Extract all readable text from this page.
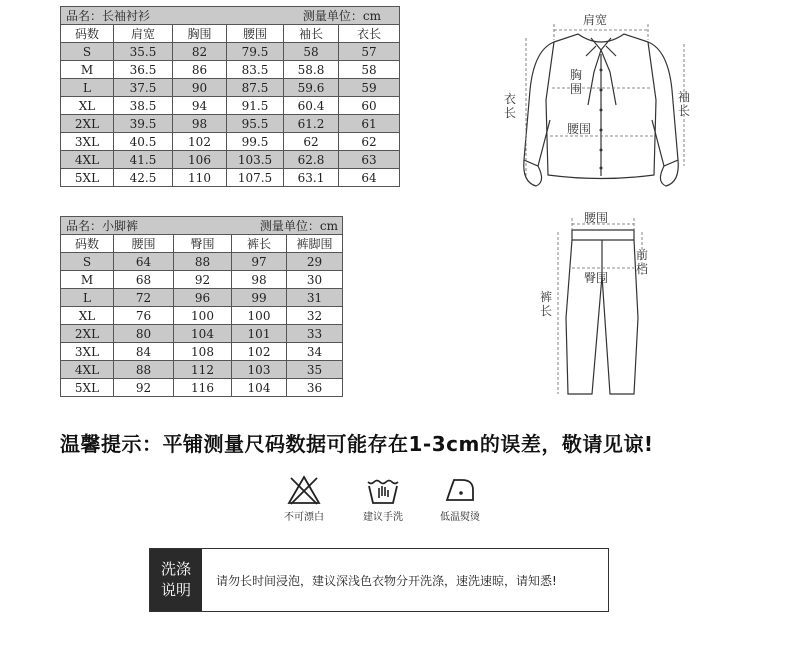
品名：长袖衬衫 测量单位：cm					

码数	肩宽	胸围	腰围	袖长	衣长
S	35.5	82	79.5	58	57
M	36.5	86	83.5	58.8	58
L	37.5	90	87.5	59.6	59
XL	38.5	94	91.5	60.4	60
2XL	39.5	98	95.5	61.2	61
3XL	40.5	102	99.5	62	62
4XL	41.5	106	103.5	62.8	63
5XL	42.5	110	107.5	63.1	64
肩宽
胸围
腰围
衣长
袖长
品名：小脚裤 测量单位：cm				

码数	腰围	臀围	裤长	裤脚围
S	64	88	97	29
M	68	92	98	30
L	72	96	99	31
XL	76	100	100	32
2XL	80	104	101	33
3XL	84	108	102	34
4XL	88	112	103	35
5XL	92	116	104	36
腰围
前档
臀围
裤长
温馨提示：平铺测量尺码数据可能存在1-3cm的误差，敬请见谅!
不可漂白	建议手洗	低温熨烫
洗涤
说明 请勿长时间浸泡，建议深浅色衣物分开洗涤，速洗速晾，请知悉!
